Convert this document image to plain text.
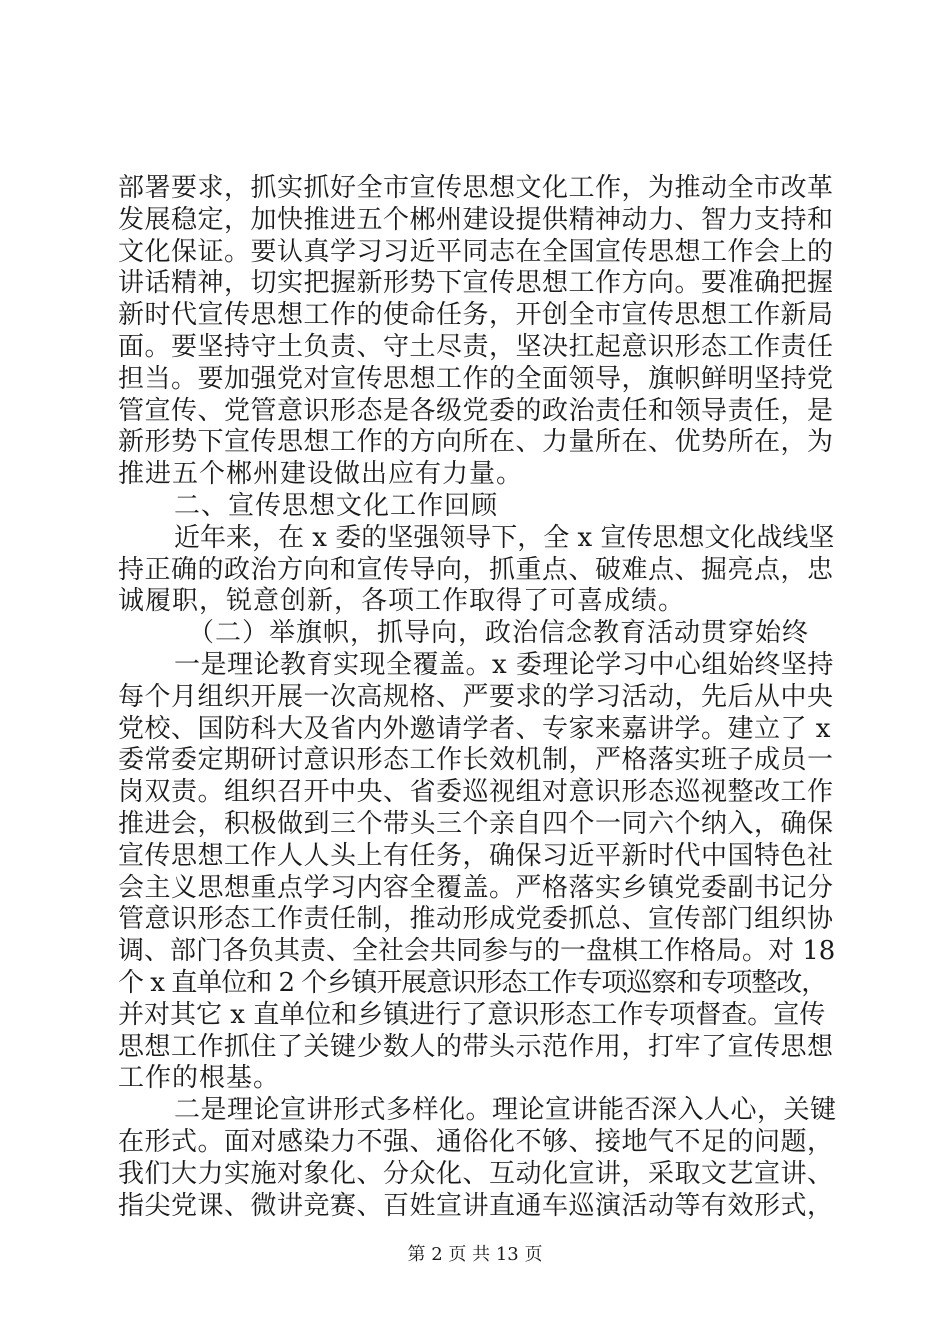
部署要求，抓实抓好全市宣传思想文化工作，为推动全市改革
发展稳定，加快推进五个郴州建设提供精神动力、智力支持和
文化保证。要认真学习习近平同志在全国宣传思想工作会上的
讲话精神，切实把握新形势下宣传思想工作方向。要准确把握
新时代宣传思想工作的使命任务，开创全市宣传思想工作新局
面。要坚持守土负责、守土尽责，坚决扛起意识形态工作责任
担当。要加强党对宣传思想工作的全面领导，旗帜鲜明坚持党
管宣传、党管意识形态是各级党委的政治责任和领导责任，是
新形势下宣传思想工作的方向所在、力量所在、优势所在，为
推进五个郴州建设做出应有力量。
二、宣传思想文化工作回顾
近年来，在 x 委的坚强领导下，全 x 宣传思想文化战线坚
持正确的政治方向和宣传导向，抓重点、破难点、掘亮点，忠
诚履职，锐意创新，各项工作取得了可喜成绩。
（二）举旗帜，抓导向，政治信念教育活动贯穿始终
一是理论教育实现全覆盖。x 委理论学习中心组始终坚持
每个月组织开展一次高规格、严要求的学习活动，先后从中央
党校、国防科大及省内外邀请学者、专家来嘉讲学。建立了 x
委常委定期研讨意识形态工作长效机制，严格落实班子成员一
岗双责。组织召开中央、省委巡视组对意识形态巡视整改工作
推进会，积极做到三个带头三个亲自四个一同六个纳入，确保
宣传思想工作人人头上有任务，确保习近平新时代中国特色社
会主义思想重点学习内容全覆盖。严格落实乡镇党委副书记分
管意识形态工作责任制，推动形成党委抓总、宣传部门组织协
调、部门各负其责、全社会共同参与的一盘棋工作格局。对 18
个 x 直单位和 2 个乡镇开展意识形态工作专项巡察和专项整改，
并对其它 x 直单位和乡镇进行了意识形态工作专项督查。宣传
思想工作抓住了关键少数人的带头示范作用，打牢了宣传思想
工作的根基。
二是理论宣讲形式多样化。理论宣讲能否深入人心，关键
在形式。面对感染力不强、通俗化不够、接地气不足的问题，
我们大力实施对象化、分众化、互动化宣讲，采取文艺宣讲、
指尖党课、微讲竞赛、百姓宣讲直通车巡演活动等有效形式，
第 2 页 共 13 页
